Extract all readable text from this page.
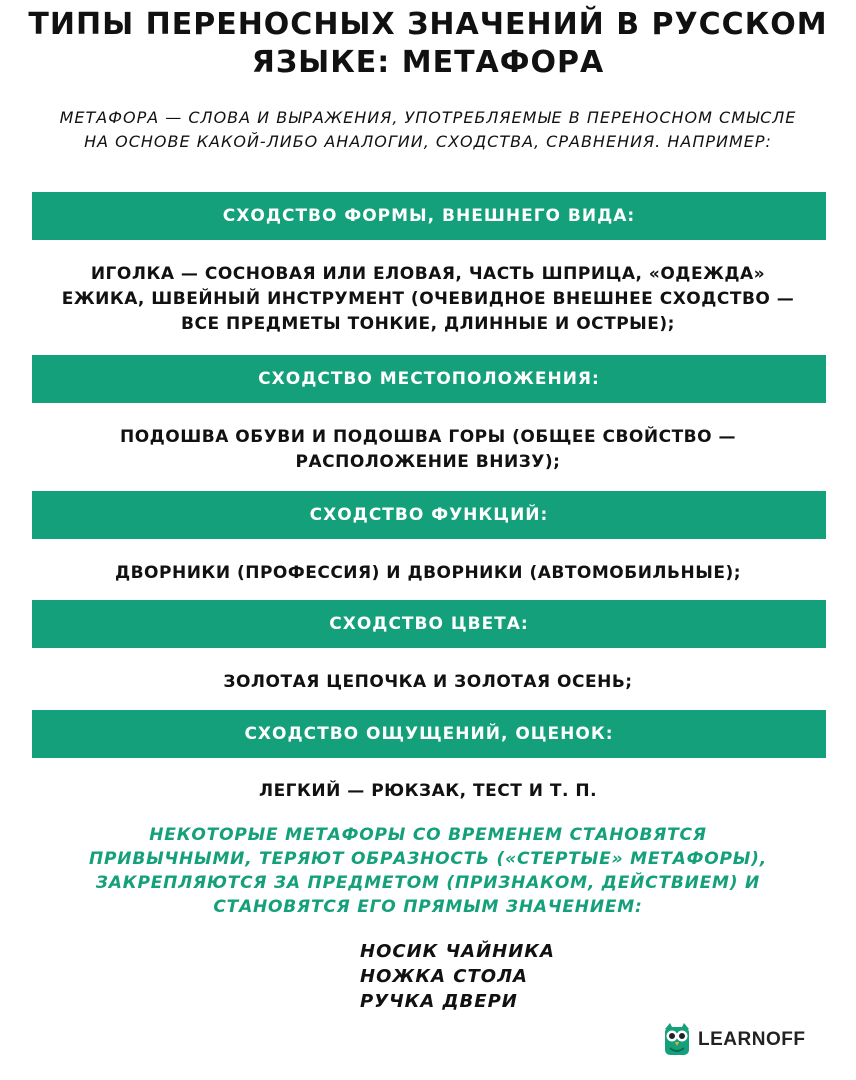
ТИПЫ ПЕРЕНОСНЫХ ЗНАЧЕНИЙ В РУССКОМ ЯЗЫКЕ: МЕТАФОРА

МЕТАФОРА — СЛОВА И ВЫРАЖЕНИЯ, УПОТРЕБЛЯЕМЫЕ В ПЕРЕНОСНОМ СМЫСЛЕ НА ОСНОВЕ КАКОЙ-ЛИБО АНАЛОГИИ, СХОДСТВА, СРАВНЕНИЯ. НАПРИМЕР:

СХОДСТВО ФОРМЫ, ВНЕШНЕГО ВИДА:

ИГОЛКА — СОСНОВАЯ ИЛИ ЕЛОВАЯ, ЧАСТЬ ШПРИЦА, «ОДЕЖДА» ЕЖИКА, ШВЕЙНЫЙ ИНСТРУМЕНТ (ОЧЕВИДНОЕ ВНЕШНЕЕ СХОДСТВО — ВСЕ ПРЕДМЕТЫ ТОНКИЕ, ДЛИННЫЕ И ОСТРЫЕ);

СХОДСТВО МЕСТОПОЛОЖЕНИЯ:

ПОДОШВА ОБУВИ И ПОДОШВА ГОРЫ (ОБЩЕЕ СВОЙСТВО — РАСПОЛОЖЕНИЕ ВНИЗУ);

СХОДСТВО ФУНКЦИЙ:

ДВОРНИКИ (ПРОФЕССИЯ) И ДВОРНИКИ (АВТОМОБИЛЬНЫЕ);

СХОДСТВО ЦВЕТА:

ЗОЛОТАЯ ЦЕПОЧКА И ЗОЛОТАЯ ОСЕНЬ;

СХОДСТВО ОЩУЩЕНИЙ, ОЦЕНОК:

ЛЕГКИЙ — РЮКЗАК, ТЕСТ И Т. П.

НЕКОТОРЫЕ МЕТАФОРЫ СО ВРЕМЕНЕМ СТАНОВЯТСЯ ПРИВЫЧНЫМИ, ТЕРЯЮТ ОБРАЗНОСТЬ («СТЕРТЫЕ» МЕТАФОРЫ), ЗАКРЕПЛЯЮТСЯ ЗА ПРЕДМЕТОМ (ПРИЗНАКОМ, ДЕЙСТВИЕМ) И СТАНОВЯТСЯ ЕГО ПРЯМЫМ ЗНАЧЕНИЕМ:

НОСИК ЧАЙНИКА
НОЖКА СТОЛА
РУЧКА ДВЕРИ
LEARNOFF
